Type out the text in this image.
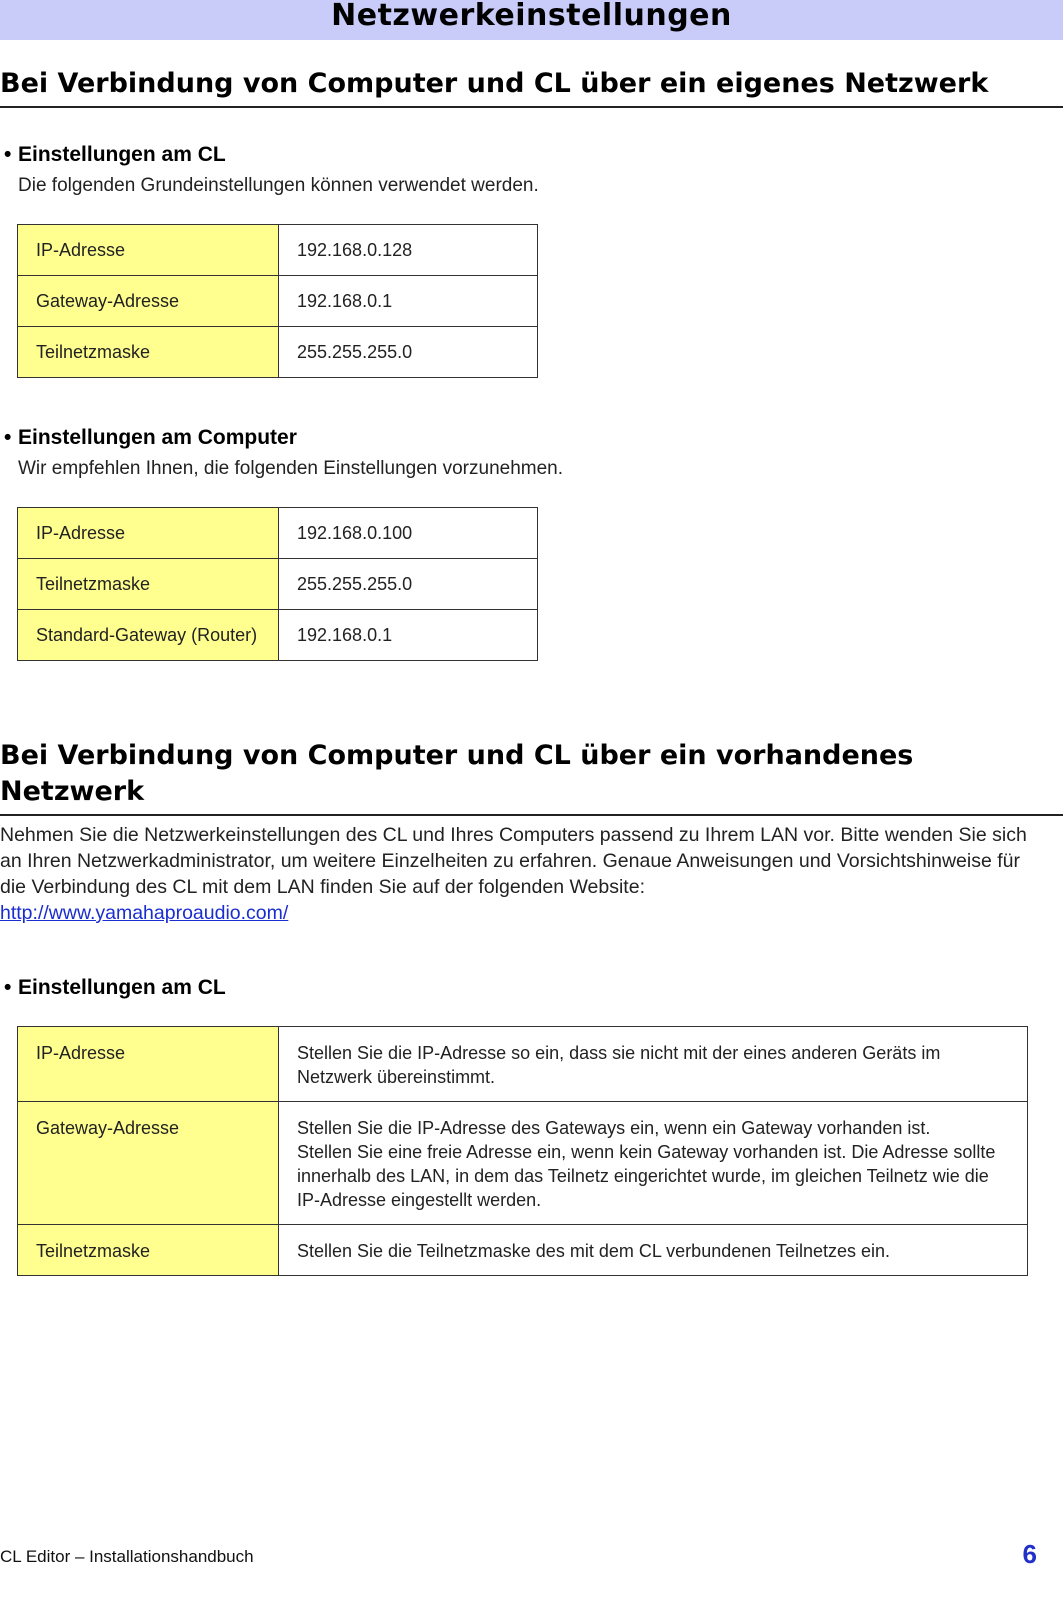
Netzwerkeinstellungen
Bei Verbindung von Computer und CL über ein eigenes Netzwerk

• Einstellungen am CL

Die folgenden Grundeinstellungen können verwendet werden.

IP-Adresse	192.168.0.128
Gateway-Adresse	192.168.0.1
Teilnetzmaske	255.255.255.0

• Einstellungen am Computer

Wir empfehlen Ihnen, die folgenden Einstellungen vorzunehmen.

IP-Adresse	192.168.0.100
Teilnetzmaske	255.255.255.0
Standard-Gateway (Router)	192.168.0.1
Bei Verbindung von Computer und CL über ein vorhandenes
Netzwerk

Nehmen Sie die Netzwerkeinstellungen des CL und Ihres Computers passend zu Ihrem LAN vor. Bitte wenden Sie sich an Ihren Netzwerkadministrator, um weitere Einzelheiten zu erfahren. Genaue Anweisungen und Vorsichtshinweise für die Verbindung des CL mit dem LAN finden Sie auf der folgenden Website:

http://www.yamahaproaudio.com/

• Einstellungen am CL

IP-Adresse	Stellen Sie die IP-Adresse so ein, dass sie nicht mit der eines anderen Geräts im Netzwerk übereinstimmt.
Gateway-Adresse	Stellen Sie die IP-Adresse des Gateways ein, wenn ein Gateway vorhanden ist.
Stellen Sie eine freie Adresse ein, wenn kein Gateway vorhanden ist. Die Adresse sollte innerhalb des LAN, in dem das Teilnetz eingerichtet wurde, im gleichen Teilnetz wie die IP-Adresse eingestellt werden.
Teilnetzmaske	Stellen Sie die Teilnetzmaske des mit dem CL verbundenen Teilnetzes ein.
CL Editor – Installationshandbuch	6
